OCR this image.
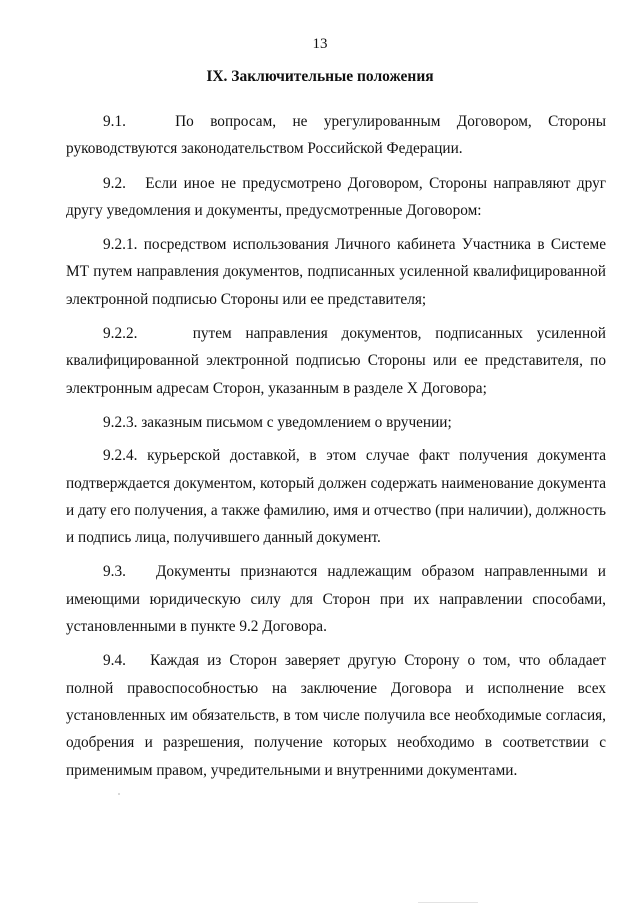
13
IX. Заключительные положения

9.1.	По вопросам, не урегулированным Договором, Стороны руководствуются законодательством Российской Федерации.

9.2. Если иное не предусмотрено Договором, Стороны направляют друг другу уведомления и документы, предусмотренные Договором:

9.2.1. посредством использования Личного кабинета Участника в Системе МТ путем направления документов, подписанных усиленной квалифицированной электронной подписью Стороны или ее представителя;

9.2.2.	путем направления документов, подписанных усиленной квалифицированной электронной подписью Стороны или ее представителя, по электронным адресам Сторон, указанным в разделе X Договора;

9.2.3. заказным письмом с уведомлением о вручении;

9.2.4. курьерской доставкой, в этом случае факт получения документа подтверждается документом, который должен содержать наименование документа и дату его получения, а также фамилию, имя и отчество (при наличии), должность и подпись лица, получившего данный документ.

9.3. Документы признаются надлежащим образом направленными и имеющими юридическую силу для Сторон при их направлении способами, установленными в пункте 9.2 Договора.

9.4. Каждая из Сторон заверяет другую Сторону о том, что обладает полной правоспособностью на заключение Договора и исполнение всех установленных им обязательств, в том числе получила все необходимые согласия, одобрения и разрешения, получение которых необходимо в соответствии с применимым правом, учредительными и внутренними документами.
